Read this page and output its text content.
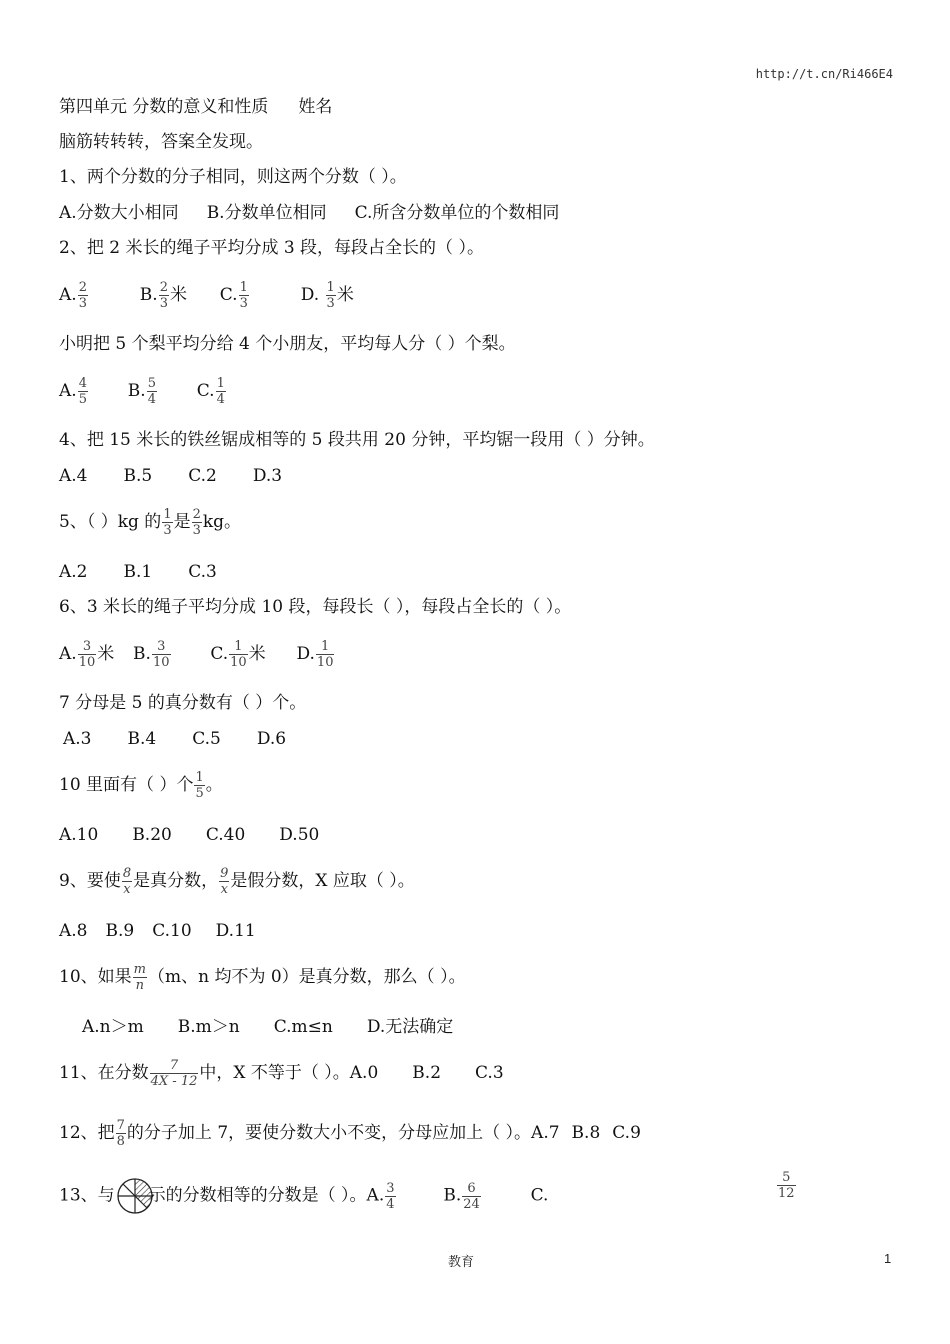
http://t.cn/Ri466E4
第四单元 分数的意义和性质 姓名
脑筋转转转，答案全发现。
1、两个分数的分子相同，则这两个分数（ ）。
A.分数大小相同 B.分数单位相同 C.所含分数单位的个数相同
2、把 2 米长的绳子平均分成 3 段，每段占全长的（ ）。
A. $\frac{2}{3}$	B. $\frac{2}{3}$ 米 C. $\frac{1}{3}$	D. $\frac{1}{3}$ 米
小明把 5 个梨平均分给 4 个小朋友，平均每人分（ ）个梨。
A. $\frac{4}{5} B$. $\frac{5}{4} C$. $\frac{1}{4}$
4、把 15 米长的铁丝锯成相等的 5 段共用 20 分钟，平均锯一段用（ ）分钟。
A.4 B.5 C.2 D.3
5、（ ）kg 的 $\frac{1}{3}$ 是 $\frac{2}{3}$ kg。
A.2 B.1 C.3
6、3 米长的绳子平均分成 10 段，每段长（ ），每段占全长的（ ）。
A. $\frac{3}{10}$ 米 B. $\frac{3}{10} C$. $\frac{1}{10}$ 米 D. $\frac{1}{10}$
7 分母是 5 的真分数有（ ）个。
A.3 B.4 C.5 D.6
10 里面有（ ）个 $\frac{1}{5}$ 。
A.10 B.20 C.40 D.50
9、要使 $\frac{8}{x}$ 是真分数， $\frac{9}{x}$ 是假分数，X 应取（ ）。
A.8 B.9 C.10 D.11
10、如果 $\frac{m}{n} (m$、n 均不为 0）是真分数，那么（ ）。
A.n＞m B.m＞n C.m≤n D.无法确定
11、在分数 $\frac{7}{4X - 12}$ 中，X 不等于（ ）。A.0 B.2 C.3
12、把 $\frac{7}{8}$ 的分子加上 7，要使分数大小不变，分母应加上（ ）。A.7 B.8 C.9
13、与 示的分数相等的分数是（ ）。A. $\frac{3}{4}$	B. $\frac{6}{24}$	C.	$\frac{5}{12}$
教育	1
